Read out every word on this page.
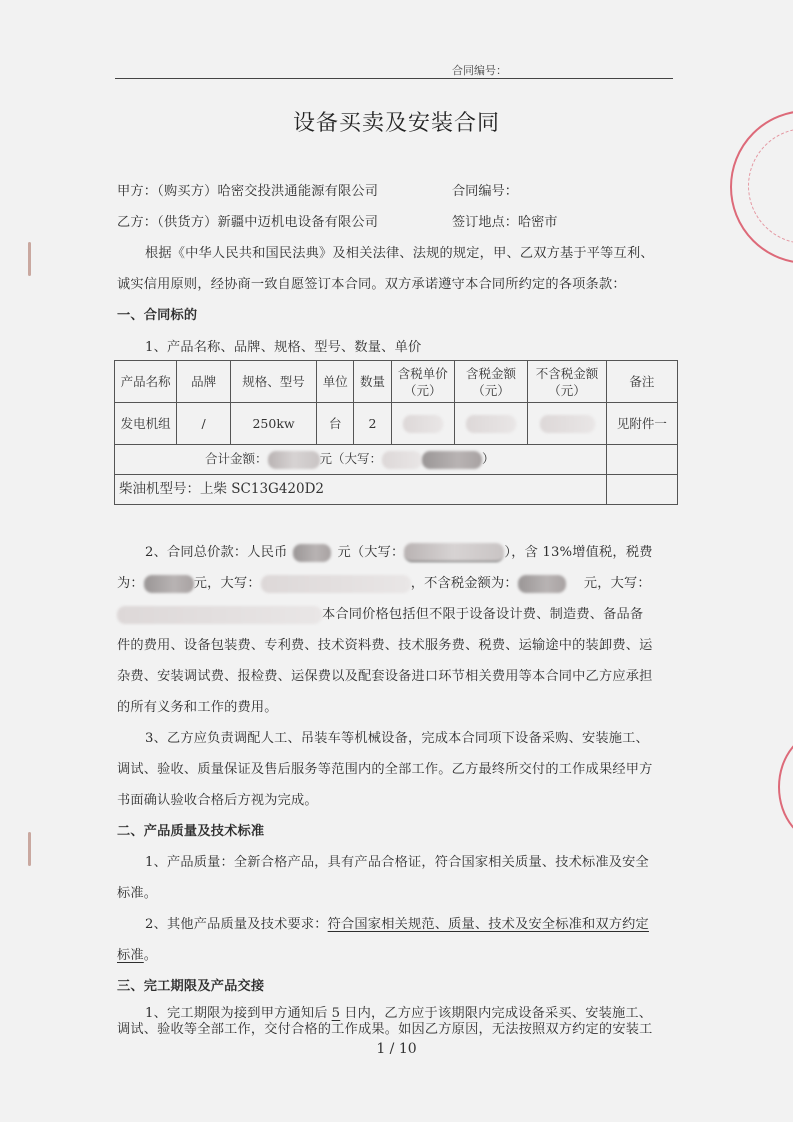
合同编号：
设备买卖及安装合同
甲方：（购买方）哈密交投洪通能源有限公司	合同编号：
乙方：（供货方）新疆中迈机电设备有限公司	签订地点：哈密市
根据《中华人民共和国民法典》及相关法律、法规的规定，甲、乙双方基于平等互利、
诚实信用原则，经协商一致自愿签订本合同。双方承诺遵守本合同所约定的各项条款：
一、合同标的
1、产品名称、品牌、规格、型号、数量、单价
产品名称	品牌	规格、型号	单位	数量	含税单价（元）	含税金额（元）	不含税金额（元）	备注
发电机组	/	250kw	台	2				见附件一
合计金额： 元（大写： ）								
柴油机型号：上柴 SC13G420D2								
2、合同总价款：人民币	元（大写：	），含 13%增值税，税费
为：	元，大写：	，不含税金额为：	元，大写：
本合同价格包括但不限于设备设计费、制造费、备品备
件的费用、设备包装费、专利费、技术资料费、技术服务费、税费、运输途中的装卸费、运
杂费、安装调试费、报检费、运保费以及配套设备进口环节相关费用等本合同中乙方应承担
的所有义务和工作的费用。
3、乙方应负责调配人工、吊装车等机械设备，完成本合同项下设备采购、安装施工、
调试、验收、质量保证及售后服务等范围内的全部工作。乙方最终所交付的工作成果经甲方
书面确认验收合格后方视为完成。
二、产品质量及技术标准
1、产品质量：全新合格产品，具有产品合格证，符合国家相关质量、技术标准及安全
标准。
2、其他产品质量及技术要求：符合国家相关规范、质量、技术及安全标准和双方约定
标准。
三、完工期限及产品交接
1、完工期限为接到甲方通知后 5 日内，乙方应于该期限内完成设备采买、安装施工、
调试、验收等全部工作，交付合格的工作成果。如因乙方原因，无法按照双方约定的安装工
1 / 10
